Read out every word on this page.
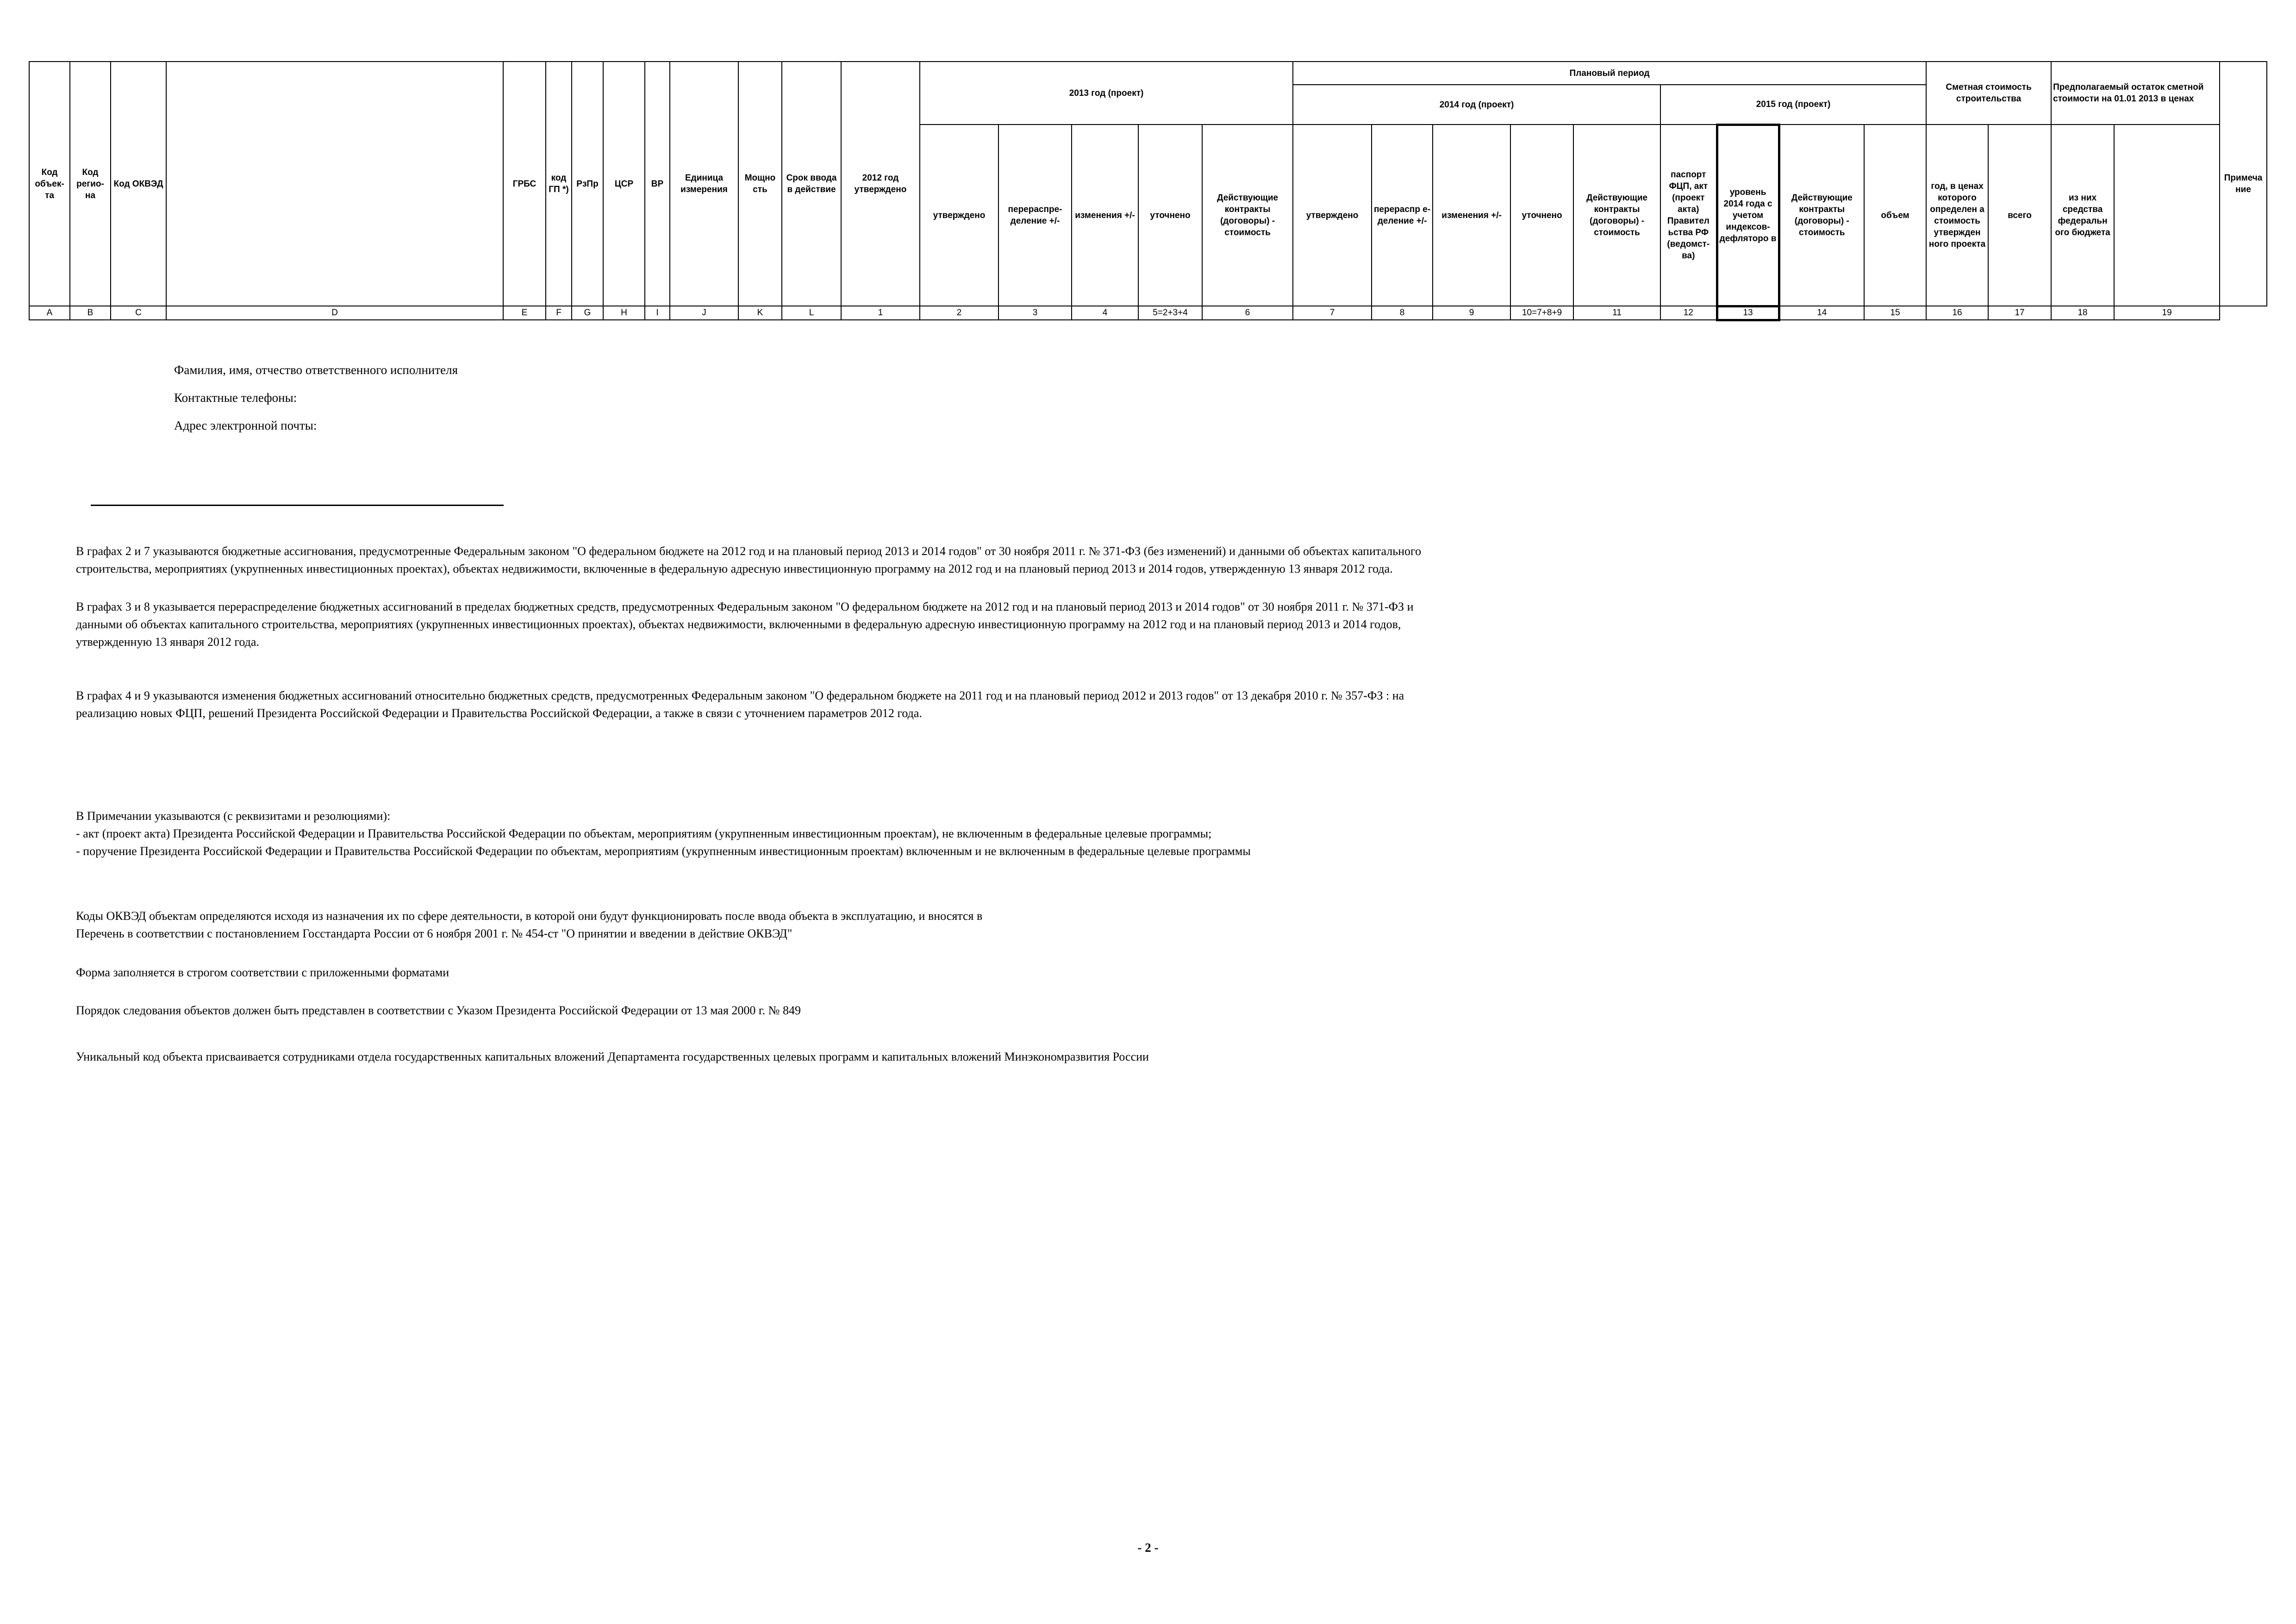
Код объек-та	Код регио-на	Код ОКВЭД		ГРБС	код ГП *)	РзПр	ЦСР	ВР	Единица измерения	Мощно сть	Срок ввода в действие	2012 год утверждено	2013 год (проект)					Плановый период									Сметная стоимость строительства		Предполагаемый остаток сметной стоимости на 01.01 2013 в ценах		Примечание
																		2014 год (проект)					2015 год (проект)								
													утверждено	перераспре-деление +/-	изменения +/-	уточнено	Действующие контракты (договоры) - стоимость	утверждено	перераспр е-деление +/-	изменения +/-	уточнено	Действующие контракты (договоры) - стоимость	паспорт ФЦП, акт (проект акта) Правител ьства РФ (ведомст-ва)	уровень 2014 года с учетом индексов-дефляторо в	Действующие контракты (договоры) - стоимость	объем	год, в ценах которого определен а стоимость утвержден ного проекта	всего	из них средства федеральн ого бюджета		
A	B	C	D	E	F	G	H	I	J	K	L	1	2	3	4	5=2+3+4	6	7	8	9	10=7+8+9	11	12	13	14	15	16	17	18	19	
Фамилия, имя, отчество ответственного исполнителя
Контактные телефоны:
Адрес электронной почты:

В графах 2 и 7 указываются бюджетные ассигнования, предусмотренные Федеральным законом "О федеральном бюджете на 2012 год и на плановый период 2013 и 2014 годов" от 30 ноября 2011 г. № 371-ФЗ (без изменений) и данными об объектах капитального

строительства, мероприятиях (укрупненных инвестиционных проектах), объектах недвижимости, включенные в федеральную адресную инвестиционную программу на 2012 год и на плановый период 2013 и 2014 годов, утвержденную 13 января 2012 года.

В графах 3 и 8 указывается перераспределение бюджетных ассигнований в пределах бюджетных средств, предусмотренных Федеральным законом "О федеральном бюджете на 2012 год и на плановый период 2013 и 2014 годов" от 30 ноября 2011 г. № 371-ФЗ и

данными об объектах капитального строительства, мероприятиях (укрупненных инвестиционных проектах), объектах недвижимости, включенными в федеральную адресную инвестиционную программу на 2012 год и на плановый период 2013 и 2014 годов,

утвержденную 13 января 2012 года.

В графах 4 и 9 указываются изменения бюджетных ассигнований относительно бюджетных средств, предусмотренных Федеральным законом "О федеральном бюджете на 2011 год и на плановый период 2012 и 2013 годов" от 13 декабря 2010 г. № 357-ФЗ : на

реализацию новых ФЦП, решений Президента Российской Федерации и Правительства Российской Федерации, а также в связи с уточнением параметров 2012 года.

В Примечании указываются (с реквизитами и резолюциями):

- акт (проект акта) Президента Российской Федерации и Правительства Российской Федерации по объектам, мероприятиям (укрупненным инвестиционным проектам), не включенным в федеральные целевые программы;

- поручение Президента Российской Федерации и Правительства Российской Федерации по объектам, мероприятиям (укрупненным инвестиционным проектам) включенным и не включенным в федеральные целевые программы

Коды ОКВЭД объектам определяются исходя из назначения их по сфере деятельности, в которой они будут функционировать после ввода объекта в эксплуатацию, и вносятся в

Перечень в соответствии с постановлением Госстандарта России от 6 ноября 2001 г. № 454-ст "О принятии и введении в действие ОКВЭД"

Форма заполняется в строгом соответствии с приложенными форматами

Порядок следования объектов должен быть представлен в соответствии с Указом Президента Российской Федерации от 13 мая 2000 г. № 849

Уникальный код объекта присваивается сотрудниками отдела государственных капитальных вложений Департамента государственных целевых программ и капитальных вложений Минэкономразвития России

- 2 -
